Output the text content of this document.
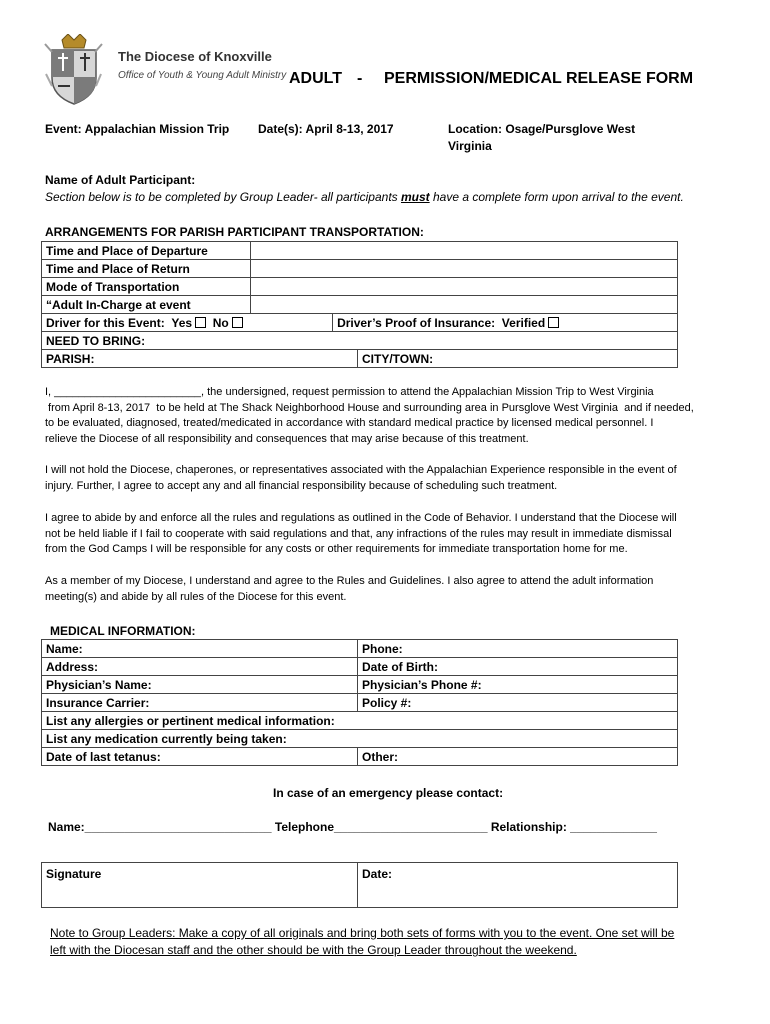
The Diocese of Knoxville
Office of Youth & Young Adult Ministry ADULT - PERMISSION/MEDICAL RELEASE FORM
Event: Appalachian Mission Trip Date(s): April 8-13, 2017	Location: Osage/Pursglove West
Virginia
Name of Adult Participant:
Section below is to be completed by Group Leader- all participants must have a complete form upon arrival to the event.
ARRANGEMENTS FOR PARISH PARTICIPANT TRANSPORTATION:
Time and Place of Departure		
Time and Place of Return		
Mode of Transportation		
“Adult In-Charge at event		
Driver for this Event: Yes No		Driver’s Proof of Insurance: Verified
NEED TO BRING:		
PARISH:	CITY/TOWN:
I, ________________________, the undersigned, request permission to attend the Appalachian Mission Trip to West Virginia
from April 8-13, 2017  to be held at The Shack Neighborhood House and surrounding area in Pursglove West Virginia  and if needed,
to be evaluated, diagnosed, treated/medicated in accordance with standard medical practice by licensed medical personnel. I
relieve the Diocese of all responsibility and consequences that may arise because of this treatment.
I will not hold the Diocese, chaperones, or representatives associated with the Appalachian Experience responsible in the event of
injury. Further, I agree to accept any and all financial responsibility because of scheduling such treatment.
I agree to abide by and enforce all the rules and regulations as outlined in the Code of Behavior. I understand that the Diocese will
not be held liable if I fail to cooperate with said regulations and that, any infractions of the rules may result in immediate dismissal
from the God Camps I will be responsible for any costs or other requirements for immediate transportation home for me.
As a member of my Diocese, I understand and agree to the Rules and Guidelines. I also agree to attend the adult information
meeting(s) and abide by all rules of the Diocese for this event.
MEDICAL INFORMATION:
Name:	Phone:
Address:	Date of Birth:
Physician’s Name:	Physician’s Phone #:
Insurance Carrier:	Policy #:
List any allergies or pertinent medical information:	
List any medication currently being taken:	
Date of last tetanus:	Other:
In case of an emergency please contact:
Name:____________________________ Telephone_______________________ Relationship: _____________
Signature	Date:
Note to Group Leaders: Make a copy of all originals and bring both sets of forms with you to the event. One set will be
left with the Diocesan staff and the other should be with the Group Leader throughout the weekend.
